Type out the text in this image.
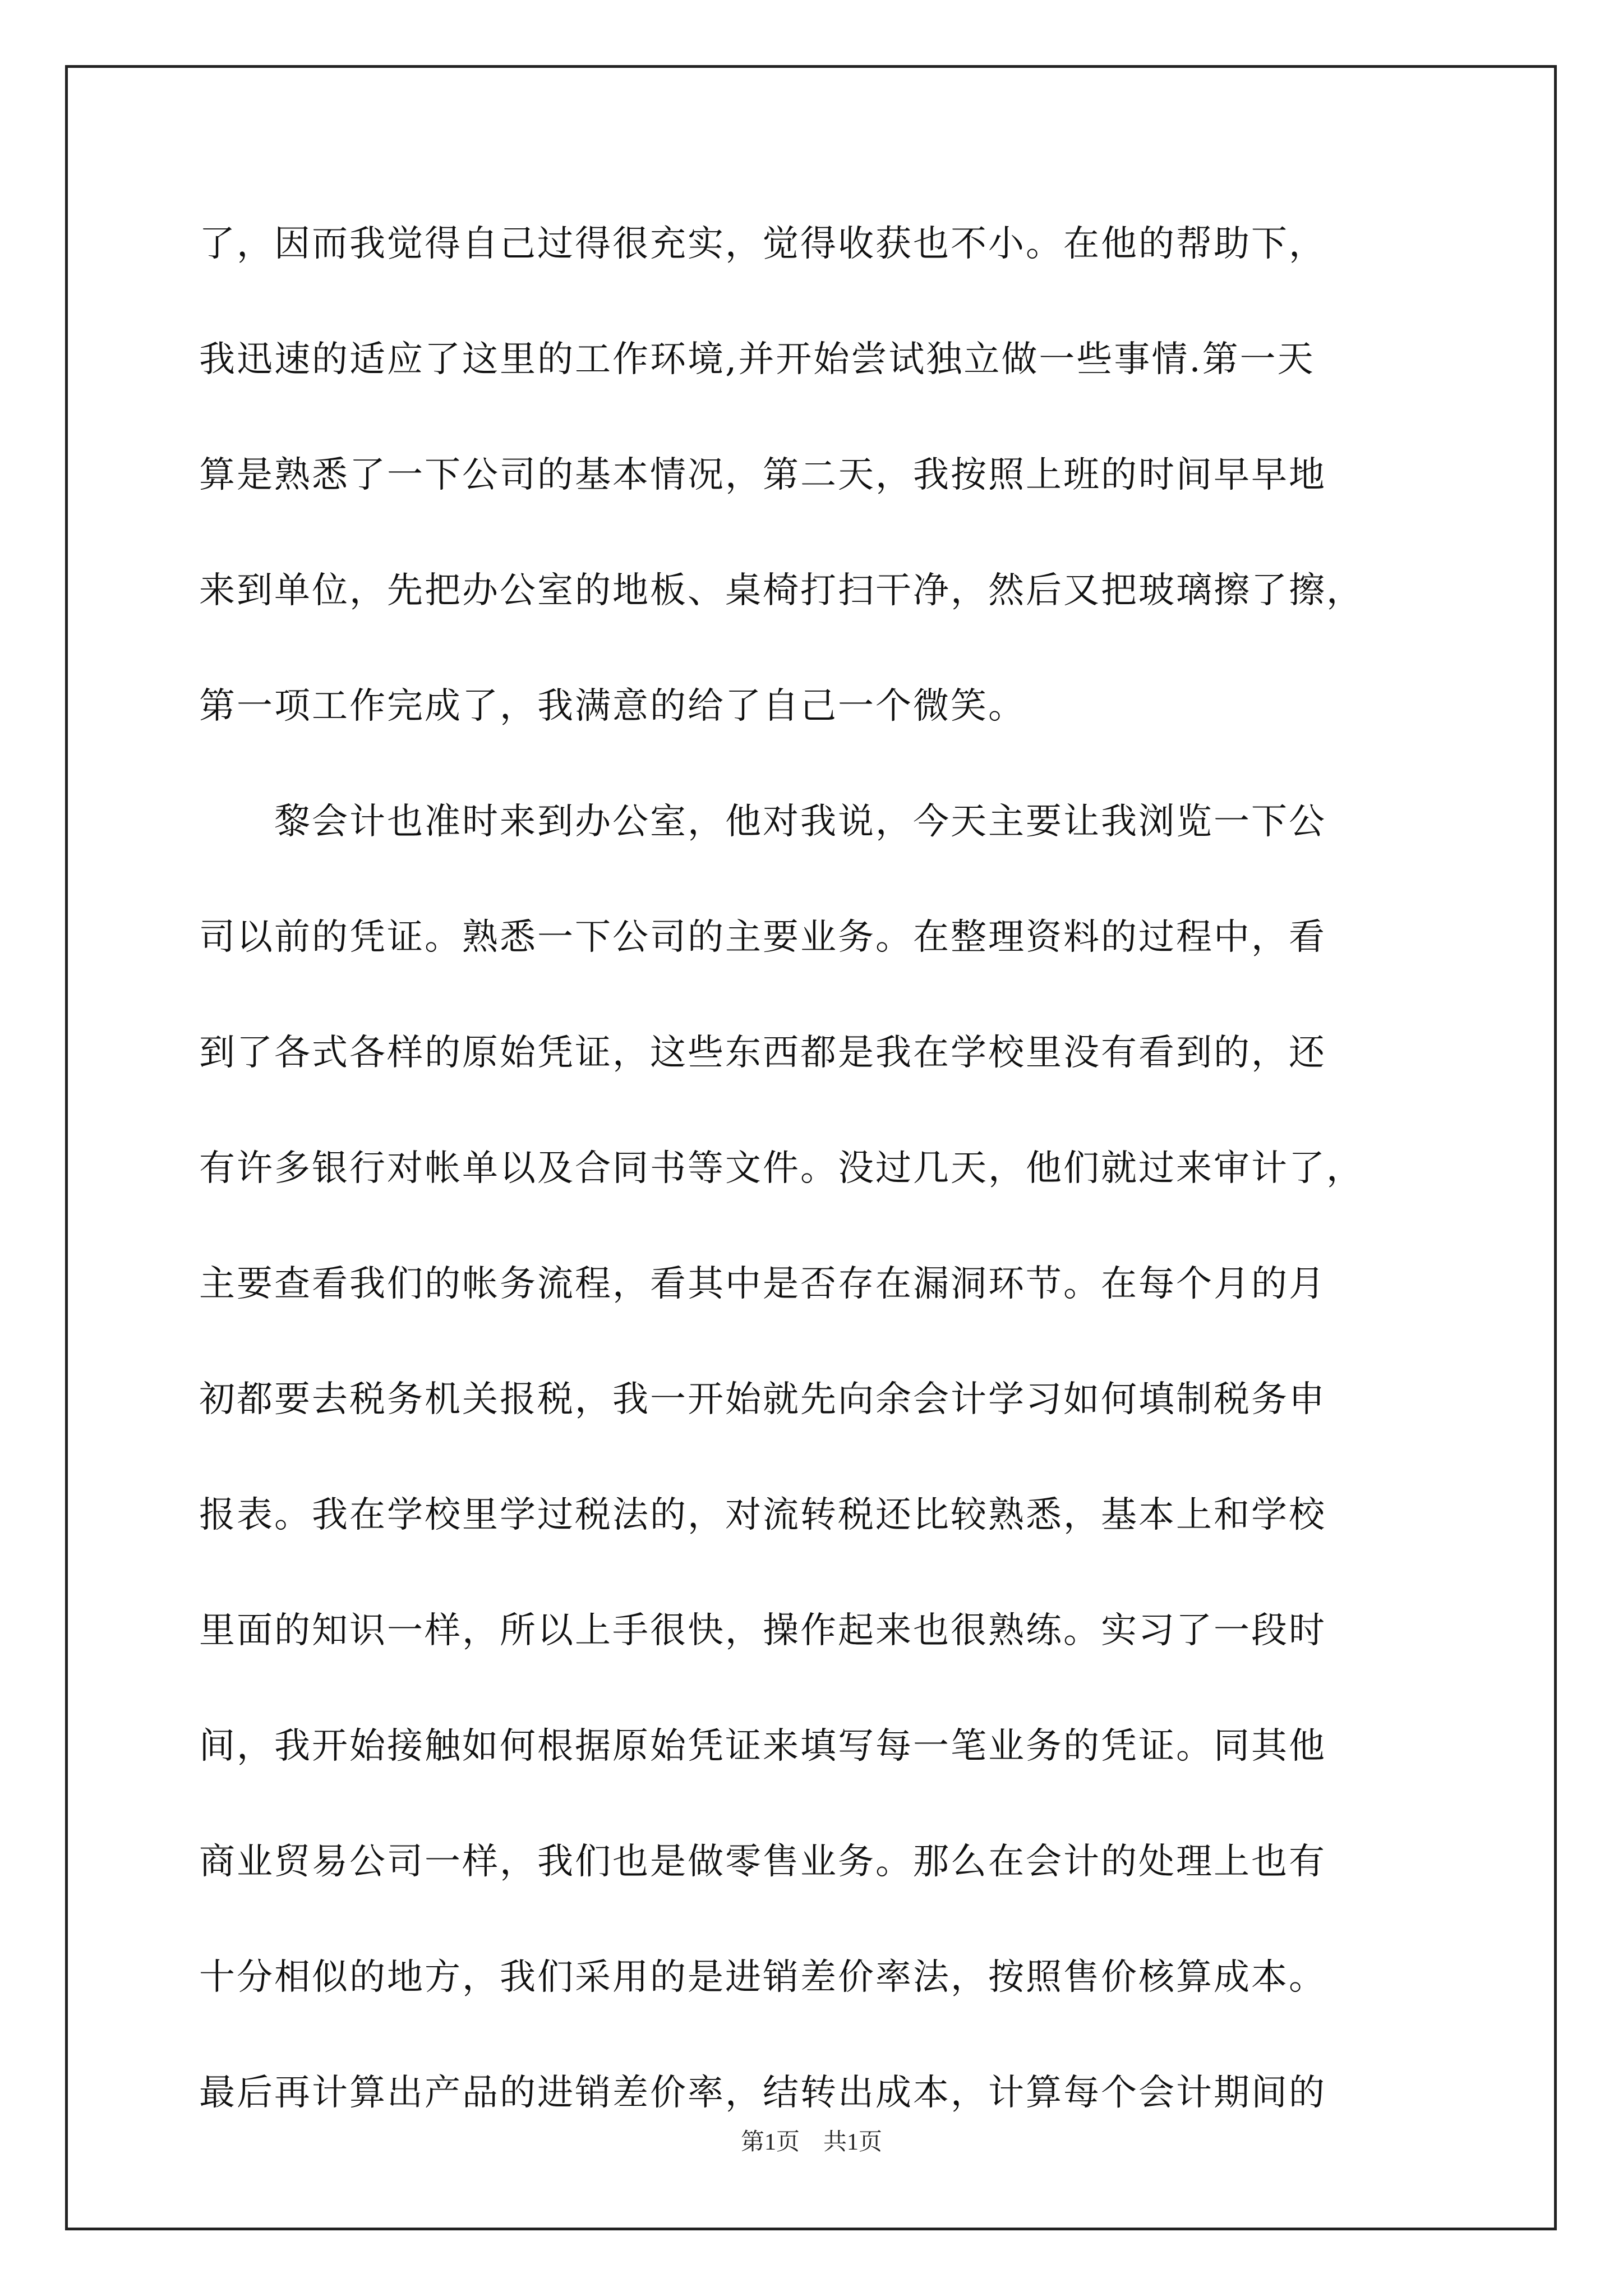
了，因而我觉得自己过得很充实，觉得收获也不小。在他的帮助下，
我迅速的适应了这里的工作环境,并开始尝试独立做一些事情.第一天
算是熟悉了一下公司的基本情况，第二天，我按照上班的时间早早地
来到单位，先把办公室的地板、桌椅打扫干净，然后又把玻璃擦了擦，
第一项工作完成了，我满意的给了自己一个微笑。
　　黎会计也准时来到办公室，他对我说，今天主要让我浏览一下公
司以前的凭证。熟悉一下公司的主要业务。在整理资料的过程中，看
到了各式各样的原始凭证，这些东西都是我在学校里没有看到的，还
有许多银行对帐单以及合同书等文件。没过几天，他们就过来审计了，
主要查看我们的帐务流程，看其中是否存在漏洞环节。在每个月的月
初都要去税务机关报税，我一开始就先向余会计学习如何填制税务申
报表。我在学校里学过税法的，对流转税还比较熟悉，基本上和学校
里面的知识一样，所以上手很快，操作起来也很熟练。实习了一段时
间，我开始接触如何根据原始凭证来填写每一笔业务的凭证。同其他
商业贸易公司一样，我们也是做零售业务。那么在会计的处理上也有
十分相似的地方，我们采用的是进销差价率法，按照售价核算成本。
最后再计算出产品的进销差价率，结转出成本，计算每个会计期间的
第1页　共1页
